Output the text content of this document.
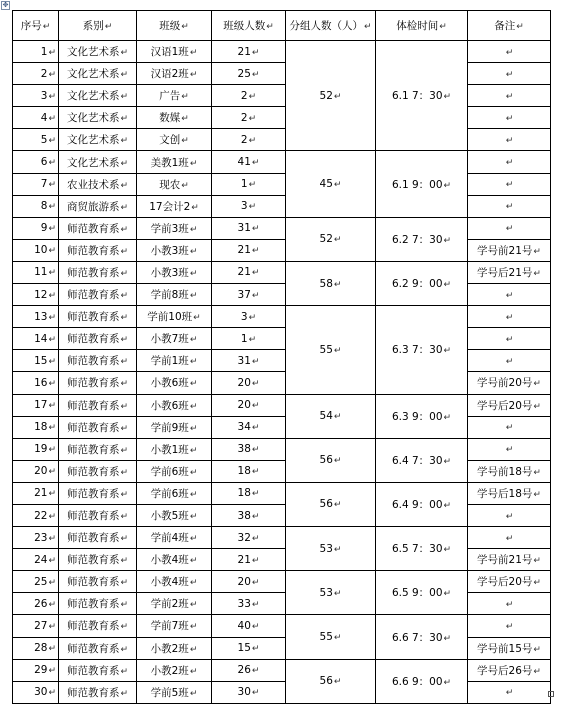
✥
序号↵	系别↵	班级↵	班级人数↵	分组人数（人）↵	体检时间↵	备注↵
1↵	文化艺术系↵	汉语1班↵	21↵	52↵	6.1 7：30↵	↵
2↵	文化艺术系↵	汉语2班↵	25↵			↵
3↵	文化艺术系↵	广告↵	2↵			↵
4↵	文化艺术系↵	数媒↵	2↵			↵
5↵	文化艺术系↵	文创↵	2↵			↵
6↵	文化艺术系↵	美教1班↵	41↵	45↵	6.1 9：00↵	↵
7↵	农业技术系↵	现农↵	1↵			↵
8↵	商贸旅游系↵	17会计2↵	3↵			↵
9↵	师范教育系↵	学前3班↵	31↵	52↵	6.2 7：30↵	↵
10↵	师范教育系↵	小教3班↵	21↵			学号前21号↵
11↵	师范教育系↵	小教3班↵	21↵	58↵	6.2 9：00↵	学号后21号↵
12↵	师范教育系↵	学前8班↵	37↵			↵
13↵	师范教育系↵	学前10班↵	3↵	55↵	6.3 7：30↵	↵
14↵	师范教育系↵	小教7班↵	1↵			↵
15↵	师范教育系↵	学前1班↵	31↵			↵
16↵	师范教育系↵	小教6班↵	20↵			学号前20号↵
17↵	师范教育系↵	小教6班↵	20↵	54↵	6.3 9：00↵	学号后20号↵
18↵	师范教育系↵	学前9班↵	34↵			↵
19↵	师范教育系↵	小教1班↵	38↵	56↵	6.4 7：30↵	↵
20↵	师范教育系↵	学前6班↵	18↵			学号前18号↵
21↵	师范教育系↵	学前6班↵	18↵	56↵	6.4 9：00↵	学号后18号↵
22↵	师范教育系↵	小教5班↵	38↵			↵
23↵	师范教育系↵	学前4班↵	32↵	53↵	6.5 7：30↵	↵
24↵	师范教育系↵	小教4班↵	21↵			学号前21号↵
25↵	师范教育系↵	小教4班↵	20↵	53↵	6.5 9：00↵	学号后20号↵
26↵	师范教育系↵	学前2班↵	33↵			↵
27↵	师范教育系↵	学前7班↵	40↵	55↵	6.6 7：30↵	↵
28↵	师范教育系↵	小教2班↵	15↵			学号前15号↵
29↵	师范教育系↵	小教2班↵	26↵	56↵	6.6 9：00↵	学号后26号↵
30↵	师范教育系↵	学前5班↵	30↵			↵
